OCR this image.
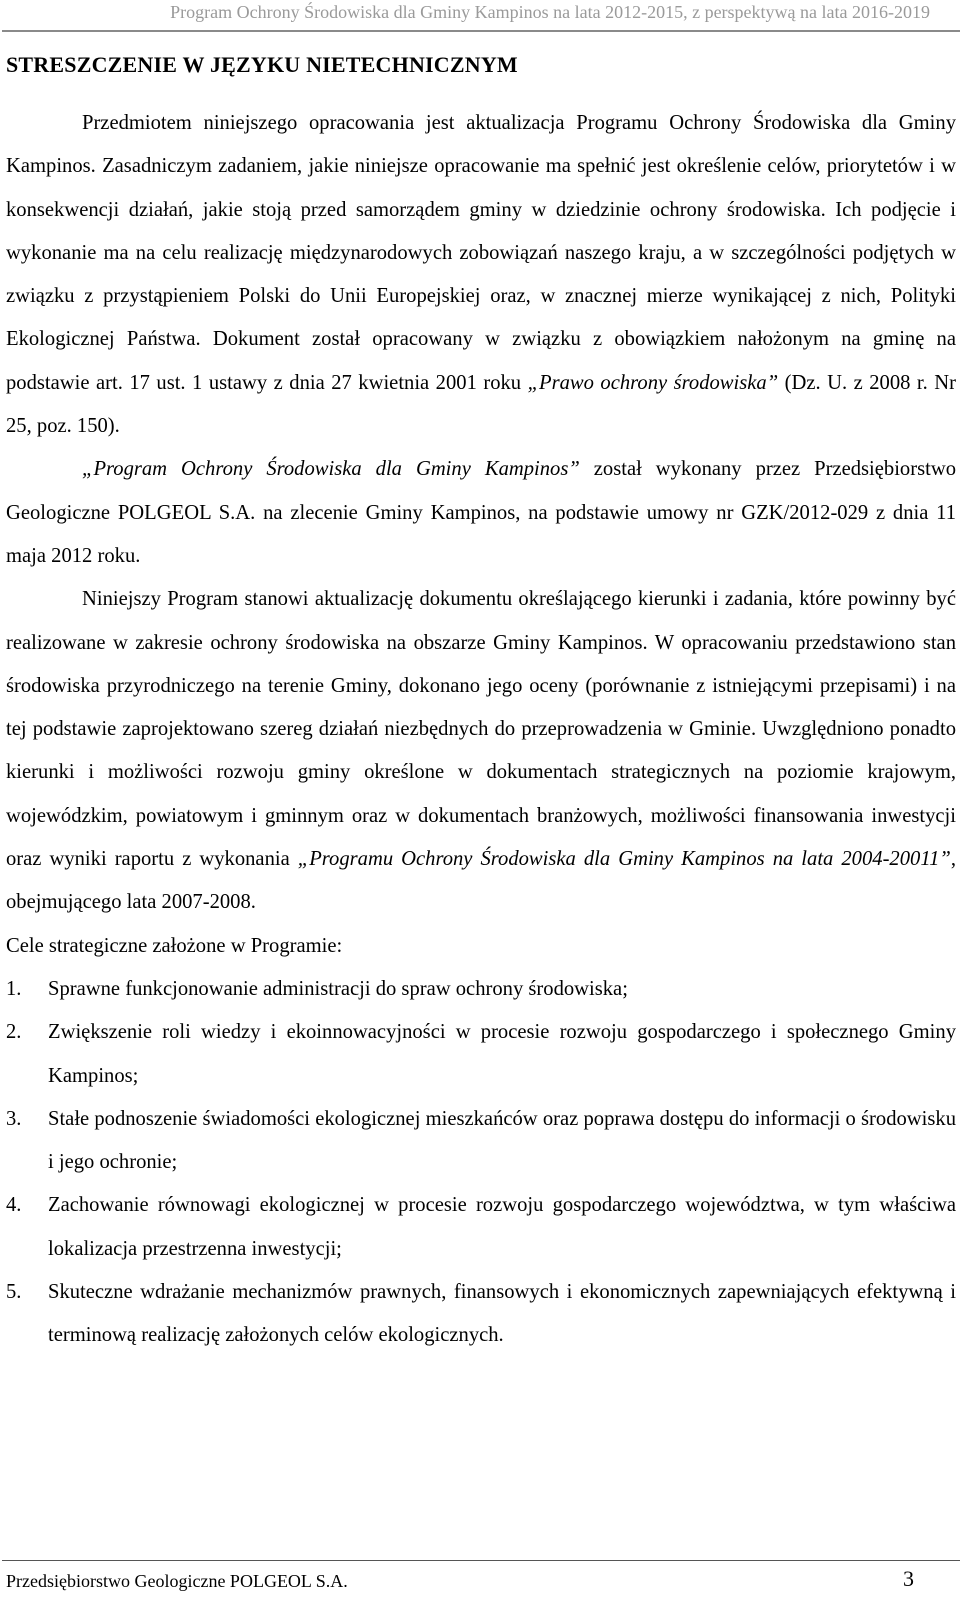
Program Ochrony Środowiska dla Gminy Kampinos na lata 2012-2015, z perspektywą na lata 2016-2019
STRESZCZENIE W JĘZYKU NIETECHNICZNYM

Przedmiotem niniejszego opracowania jest aktualizacja Programu Ochrony Środowiska dla Gminy Kampinos. Zasadniczym zadaniem, jakie niniejsze opracowanie ma spełnić jest określenie celów, priorytetów i w konsekwencji działań, jakie stoją przed samorządem gminy w dziedzinie ochrony środowiska. Ich podjęcie i wykonanie ma na celu realizację międzynarodowych zobowiązań naszego kraju, a w szczególności podjętych w związku z przystąpieniem Polski do Unii Europejskiej oraz, w znacznej mierze wynikającej z nich, Polityki Ekologicznej Państwa. Dokument został opracowany w związku z obowiązkiem nałożonym na gminę na podstawie art. 17 ust. 1 ustawy z dnia 27 kwietnia 2001 roku „Prawo ochrony środowiska” (Dz. U. z 2008 r. Nr 25, poz. 150).

„Program Ochrony Środowiska dla Gminy Kampinos” został wykonany przez Przedsiębiorstwo Geologiczne POLGEOL S.A. na zlecenie Gminy Kampinos, na podstawie umowy nr GZK/2012-029 z dnia 11 maja 2012 roku.

Niniejszy Program stanowi aktualizację dokumentu określającego kierunki i zadania, które powinny być realizowane w zakresie ochrony środowiska na obszarze Gminy Kampinos. W opracowaniu przedstawiono stan środowiska przyrodniczego na terenie Gminy, dokonano jego oceny (porównanie z istniejącymi przepisami) i na tej podstawie zaprojektowano szereg działań niezbędnych do przeprowadzenia w Gminie. Uwzględniono ponadto kierunki i możliwości rozwoju gminy określone w dokumentach strategicznych na poziomie krajowym, wojewódzkim, powiatowym i gminnym oraz w dokumentach branżowych, możliwości finansowania inwestycji oraz wyniki raportu z wykonania „Programu Ochrony Środowiska dla Gminy Kampinos na lata 2004-20011”, obejmującego lata 2007-2008.

Cele strategiczne założone w Programie:

1.	Sprawne funkcjonowanie administracji do spraw ochrony środowiska;
2.	Zwiększenie roli wiedzy i ekoinnowacyjności w procesie rozwoju gospodarczego i społecznego Gminy Kampinos;
3.	Stałe podnoszenie świadomości ekologicznej mieszkańców oraz poprawa dostępu do informacji o środowisku i jego ochronie;
4.	Zachowanie równowagi ekologicznej w procesie rozwoju gospodarczego województwa, w tym właściwa lokalizacja przestrzenna inwestycji;
5.	Skuteczne wdrażanie mechanizmów prawnych, finansowych i ekonomicznych zapewniających efektywną i terminową realizację założonych celów ekologicznych.
Przedsiębiorstwo Geologiczne POLGEOL S.A.	3
